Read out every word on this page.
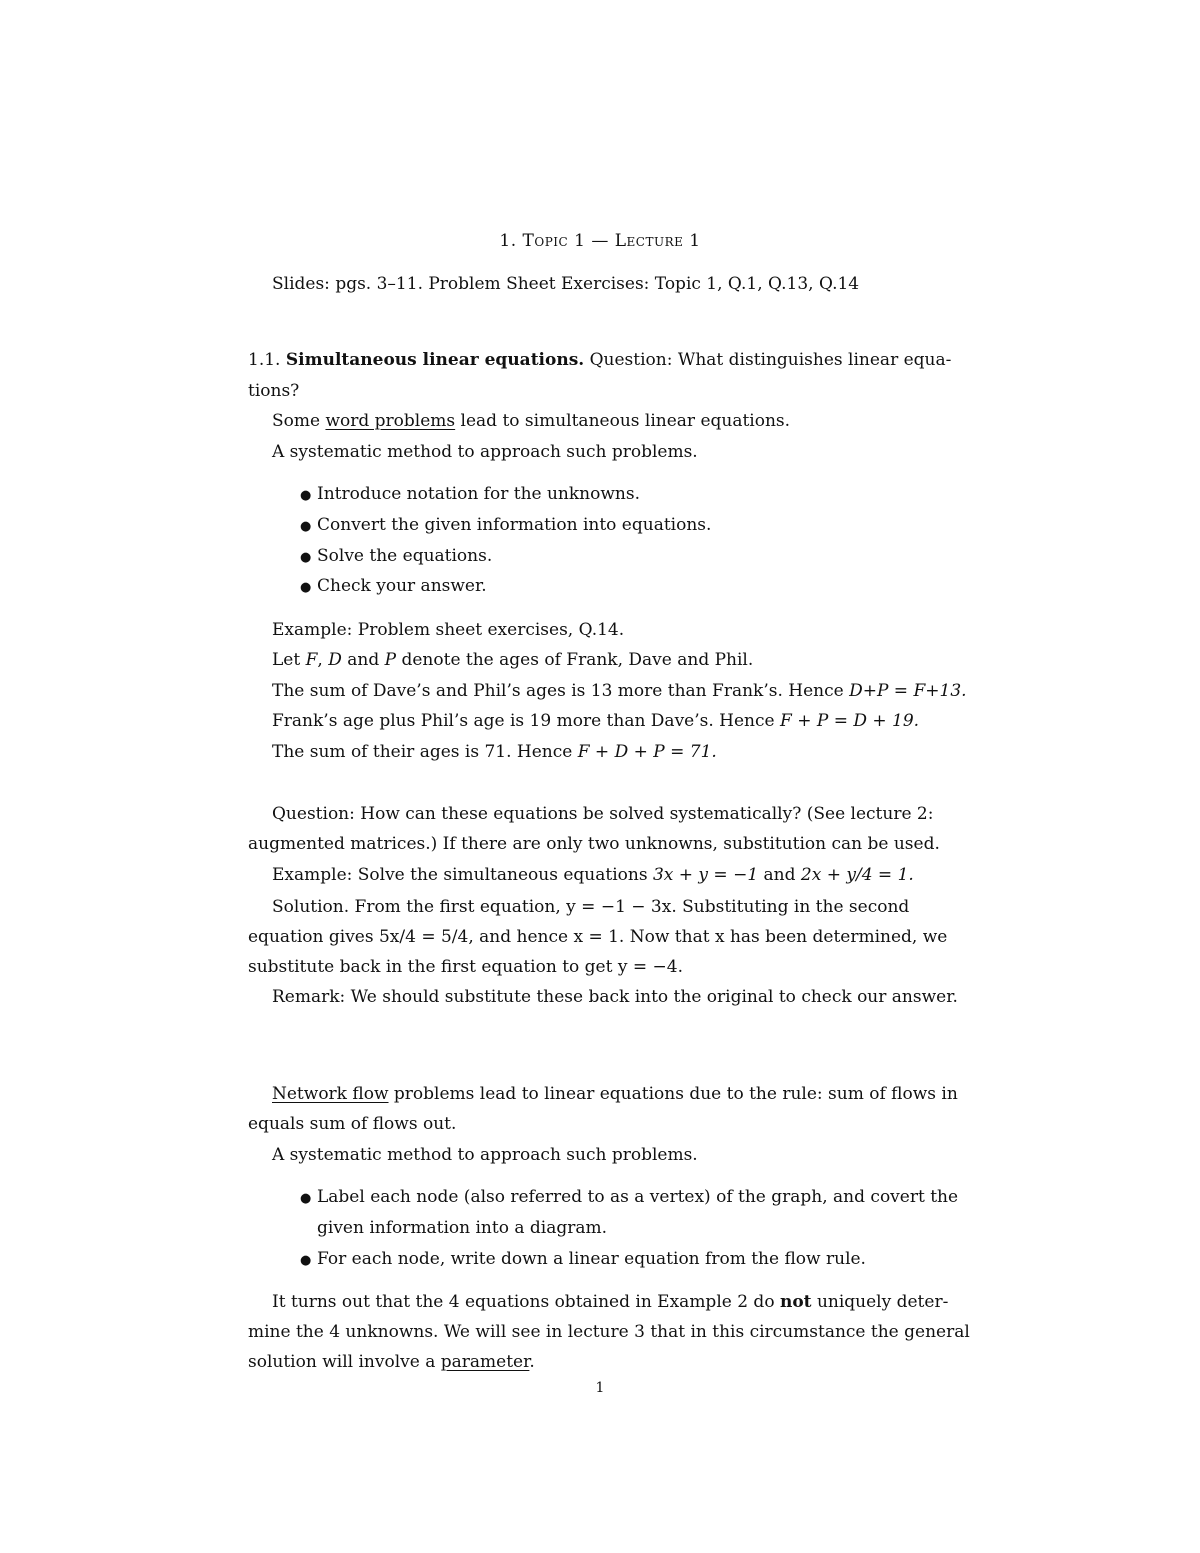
1. Topic 1 — Lecture 1
Slides: pgs. 3–11. Problem Sheet Exercises: Topic 1, Q.1, Q.13, Q.14
1.1. Simultaneous linear equations. Question: What distinguishes linear equa-
tions?
Some word problems lead to simultaneous linear equations.
A systematic method to approach such problems.
● Introduce notation for the unknowns.
● Convert the given information into equations.
● Solve the equations.
● Check your answer.
Example: Problem sheet exercises, Q.14.
Let F, D and P denote the ages of Frank, Dave and Phil.
The sum of Dave’s and Phil’s ages is 13 more than Frank’s. Hence D+P = F+13.
Frank’s age plus Phil’s age is 19 more than Dave’s. Hence F + P = D + 19.
The sum of their ages is 71. Hence F + D + P = 71.
Question: How can these equations be solved systematically? (See lecture 2:
augmented matrices.) If there are only two unknowns, substitution can be used.
Example: Solve the simultaneous equations 3x + y = −1 and 2x + y/4 = 1.
Solution. From the first equation, y = −1 − 3x. Substituting in the second
equation gives 5x/4 = 5/4, and hence x = 1. Now that x has been determined, we
substitute back in the first equation to get y = −4.
Remark: We should substitute these back into the original to check our answer.
Network flow problems lead to linear equations due to the rule: sum of flows in
equals sum of flows out.
A systematic method to approach such problems.
● Label each node (also referred to as a vertex) of the graph, and covert the
given information into a diagram.
● For each node, write down a linear equation from the flow rule.
It turns out that the 4 equations obtained in Example 2 do not uniquely deter-
mine the 4 unknowns. We will see in lecture 3 that in this circumstance the general
solution will involve a parameter.
1
